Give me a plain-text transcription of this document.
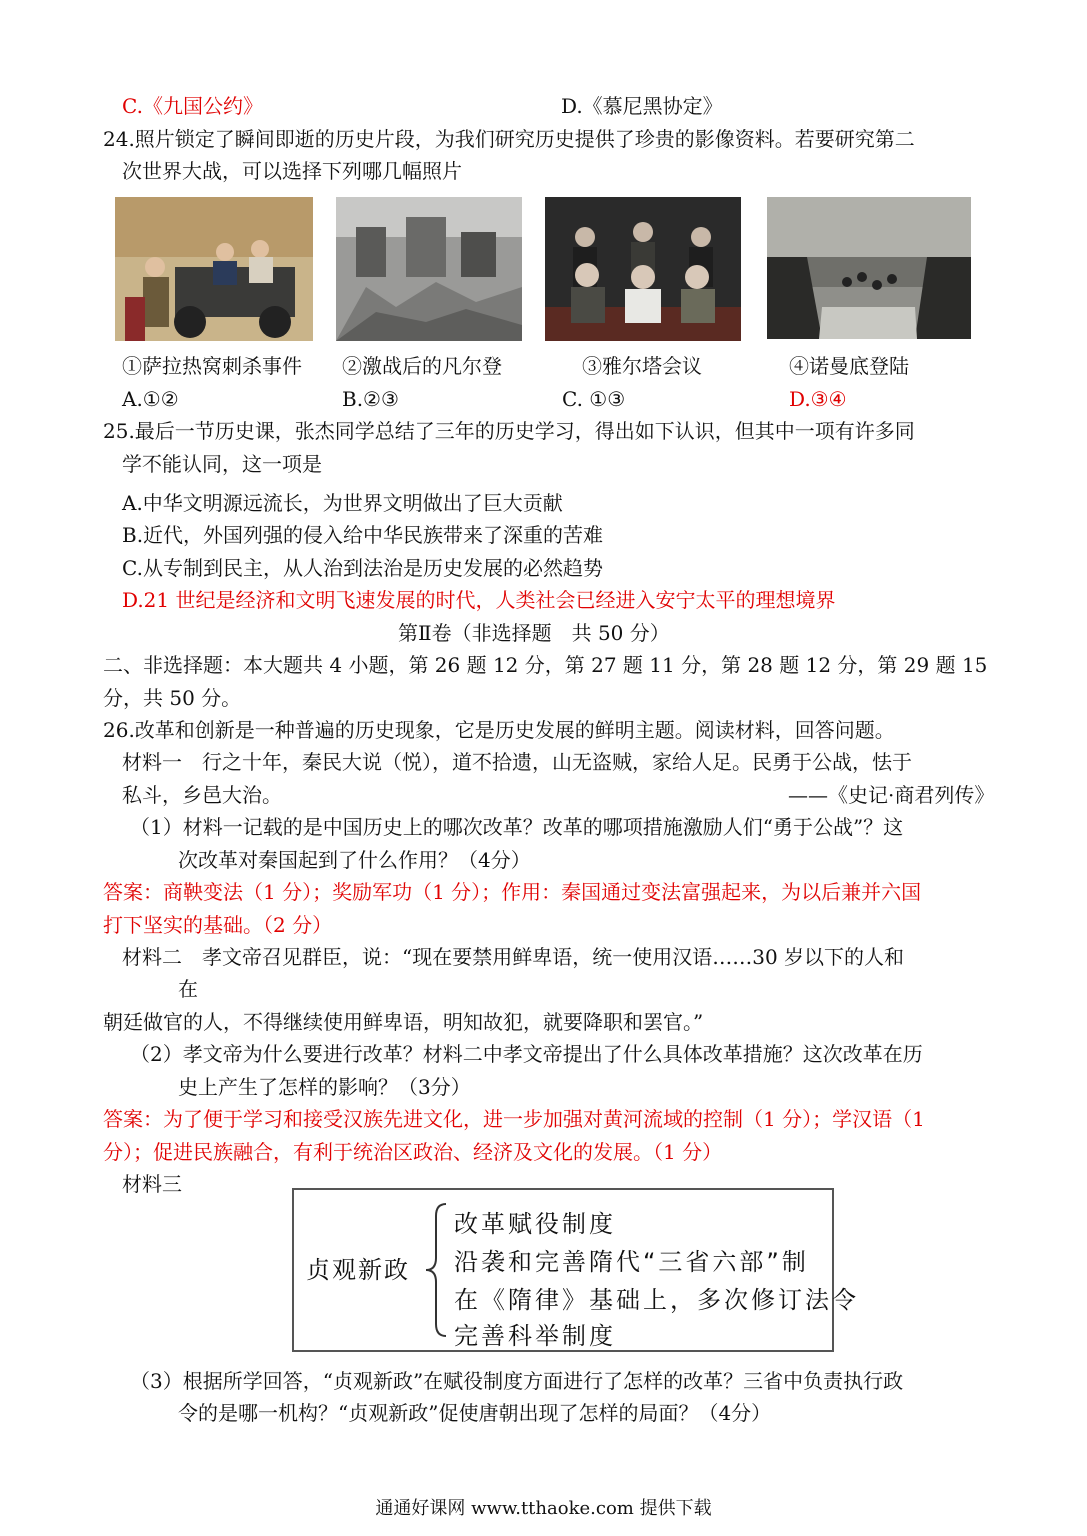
C.《九国公约》	D.《慕尼黑协定》
24.照片锁定了瞬间即逝的历史片段，为我们研究历史提供了珍贵的影像资料。若要研究第二
次世界大战，可以选择下列哪几幅照片
①萨拉热窝刺杀事件 ②激战后的凡尔登	③雅尔塔会议	④诺曼底登陆
A.①②	B.②③	C. ①③	D.③④
25.最后一节历史课，张杰同学总结了三年的历史学习，得出如下认识，但其中一项有许多同
学不能认同，这一项是
A.中华文明源远流长，为世界文明做出了巨大贡献
B.近代，外国列强的侵入给中华民族带来了深重的苦难
C.从专制到民主，从人治到法治是历史发展的必然趋势
D.21 世纪是经济和文明飞速发展的时代，人类社会已经进入安宁太平的理想境界
第Ⅱ卷（非选择题　共 50 分）
二、非选择题：本大题共 4 小题，第 26 题 12 分，第 27 题 11 分，第 28 题 12 分，第 29 题 15
分，共 50 分。
26.改革和创新是一种普遍的历史现象，它是历史发展的鲜明主题。阅读材料，回答问题。
材料一　行之十年，秦民大说（悦），道不拾遗，山无盗贼，家给人足。民勇于公战，怯于
私斗，乡邑大治。	——《史记·商君列传》
（1）材料一记载的是中国历史上的哪次改革？改革的哪项措施激励人们“勇于公战”？这
次改革对秦国起到了什么作用？（4分）
答案：商鞅变法（1 分）；奖励军功（1 分）；作用：秦国通过变法富强起来，为以后兼并六国
打下坚实的基础。（2 分）
材料二　孝文帝召见群臣，说：“现在要禁用鲜卑语，统一使用汉语……30 岁以下的人和
在
朝廷做官的人，不得继续使用鲜卑语，明知故犯，就要降职和罢官。”
（2）孝文帝为什么要进行改革？材料二中孝文帝提出了什么具体改革措施？这次改革在历
史上产生了怎样的影响？（3分）
答案：为了便于学习和接受汉族先进文化，进一步加强对黄河流域的控制（1 分）；学汉语（1
分）；促进民族融合，有利于统治区政治、经济及文化的发展。（1 分）
材料三
贞观新政
改革赋役制度
沿袭和完善隋代“三省六部”制
在《隋律》基础上，多次修订法令
完善科举制度
（3）根据所学回答，“贞观新政”在赋役制度方面进行了怎样的改革？三省中负责执行政
令的是哪一机构？“贞观新政”促使唐朝出现了怎样的局面？（4分）
通通好课网 www.tthaoke.com 提供下载
